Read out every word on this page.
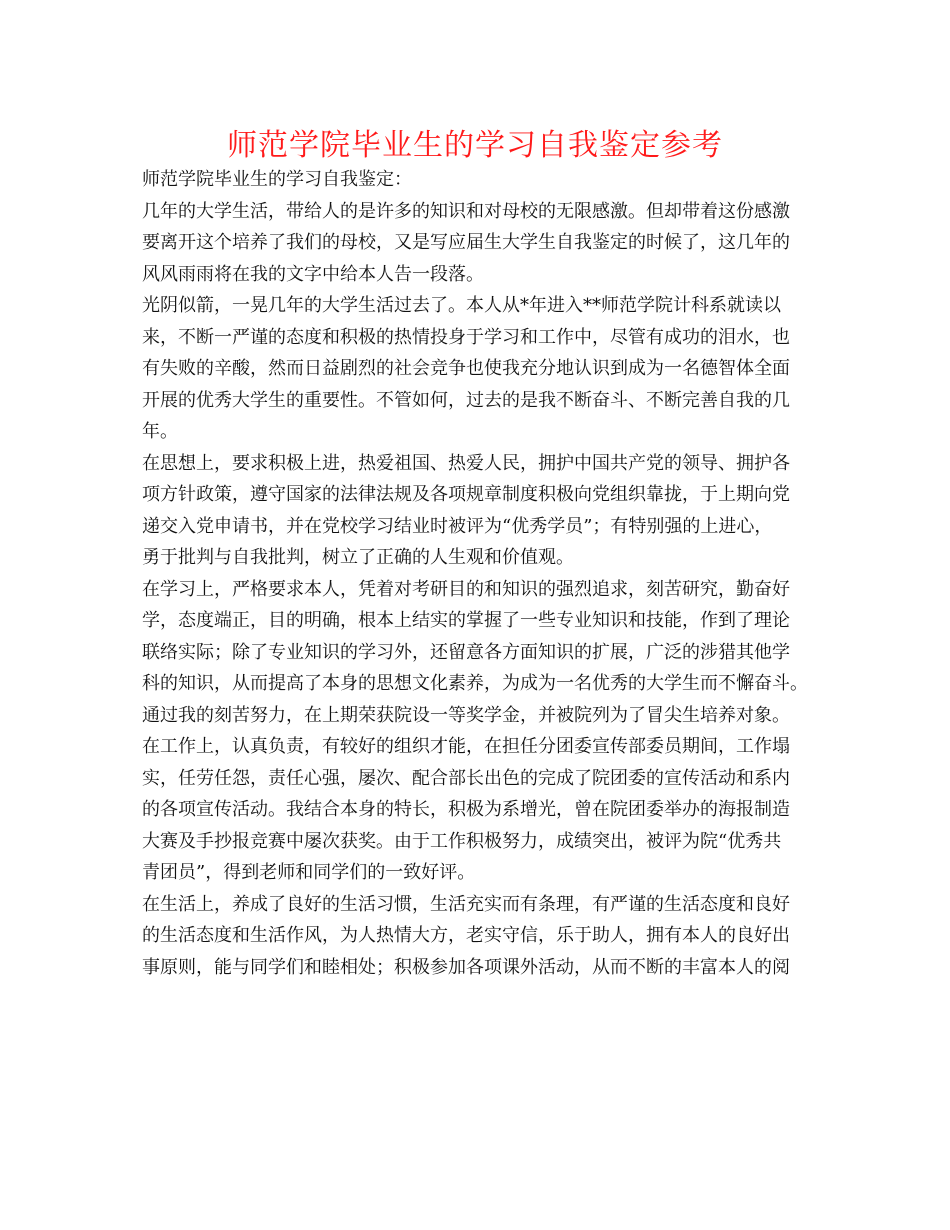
师范学院毕业生的学习自我鉴定参考
师范学院毕业生的学习自我鉴定：
几年的大学生活，带给人的是许多的知识和对母校的无限感激。但却带着这份感激
要离开这个培养了我们的母校，又是写应届生大学生自我鉴定的时候了，这几年的
风风雨雨将在我的文字中给本人告一段落。
光阴似箭，一晃几年的大学生活过去了。本人从*年进入**师范学院计科系就读以
来，不断一严谨的态度和积极的热情投身于学习和工作中，尽管有成功的泪水，也
有失败的辛酸，然而日益剧烈的社会竞争也使我充分地认识到成为一名德智体全面
开展的优秀大学生的重要性。不管如何，过去的是我不断奋斗、不断完善自我的几
年。
在思想上，要求积极上进，热爱祖国、热爱人民，拥护中国共产党的领导、拥护各
项方针政策，遵守国家的法律法规及各项规章制度积极向党组织靠拢，于上期向党
递交入党申请书，并在党校学习结业时被评为“优秀学员”；有特别强的上进心，
勇于批判与自我批判，树立了正确的人生观和价值观。
在学习上，严格要求本人，凭着对考研目的和知识的强烈追求，刻苦研究，勤奋好
学，态度端正，目的明确，根本上结实的掌握了一些专业知识和技能，作到了理论
联络实际；除了专业知识的学习外，还留意各方面知识的扩展，广泛的涉猎其他学
科的知识，从而提高了本身的思想文化素养，为成为一名优秀的大学生而不懈奋斗。
通过我的刻苦努力，在上期荣获院设一等奖学金，并被院列为了冒尖生培养对象。
在工作上，认真负责，有较好的组织才能，在担任分团委宣传部委员期间，工作塌
实，任劳任怨，责任心强，屡次、配合部长出色的完成了院团委的宣传活动和系内
的各项宣传活动。我结合本身的特长，积极为系增光，曾在院团委举办的海报制造
大赛及手抄报竞赛中屡次获奖。由于工作积极努力，成绩突出，被评为院“优秀共
青团员”，得到老师和同学们的一致好评。
在生活上，养成了良好的生活习惯，生活充实而有条理，有严谨的生活态度和良好
的生活态度和生活作风，为人热情大方，老实守信，乐于助人，拥有本人的良好出
事原则，能与同学们和睦相处；积极参加各项课外活动，从而不断的丰富本人的阅
